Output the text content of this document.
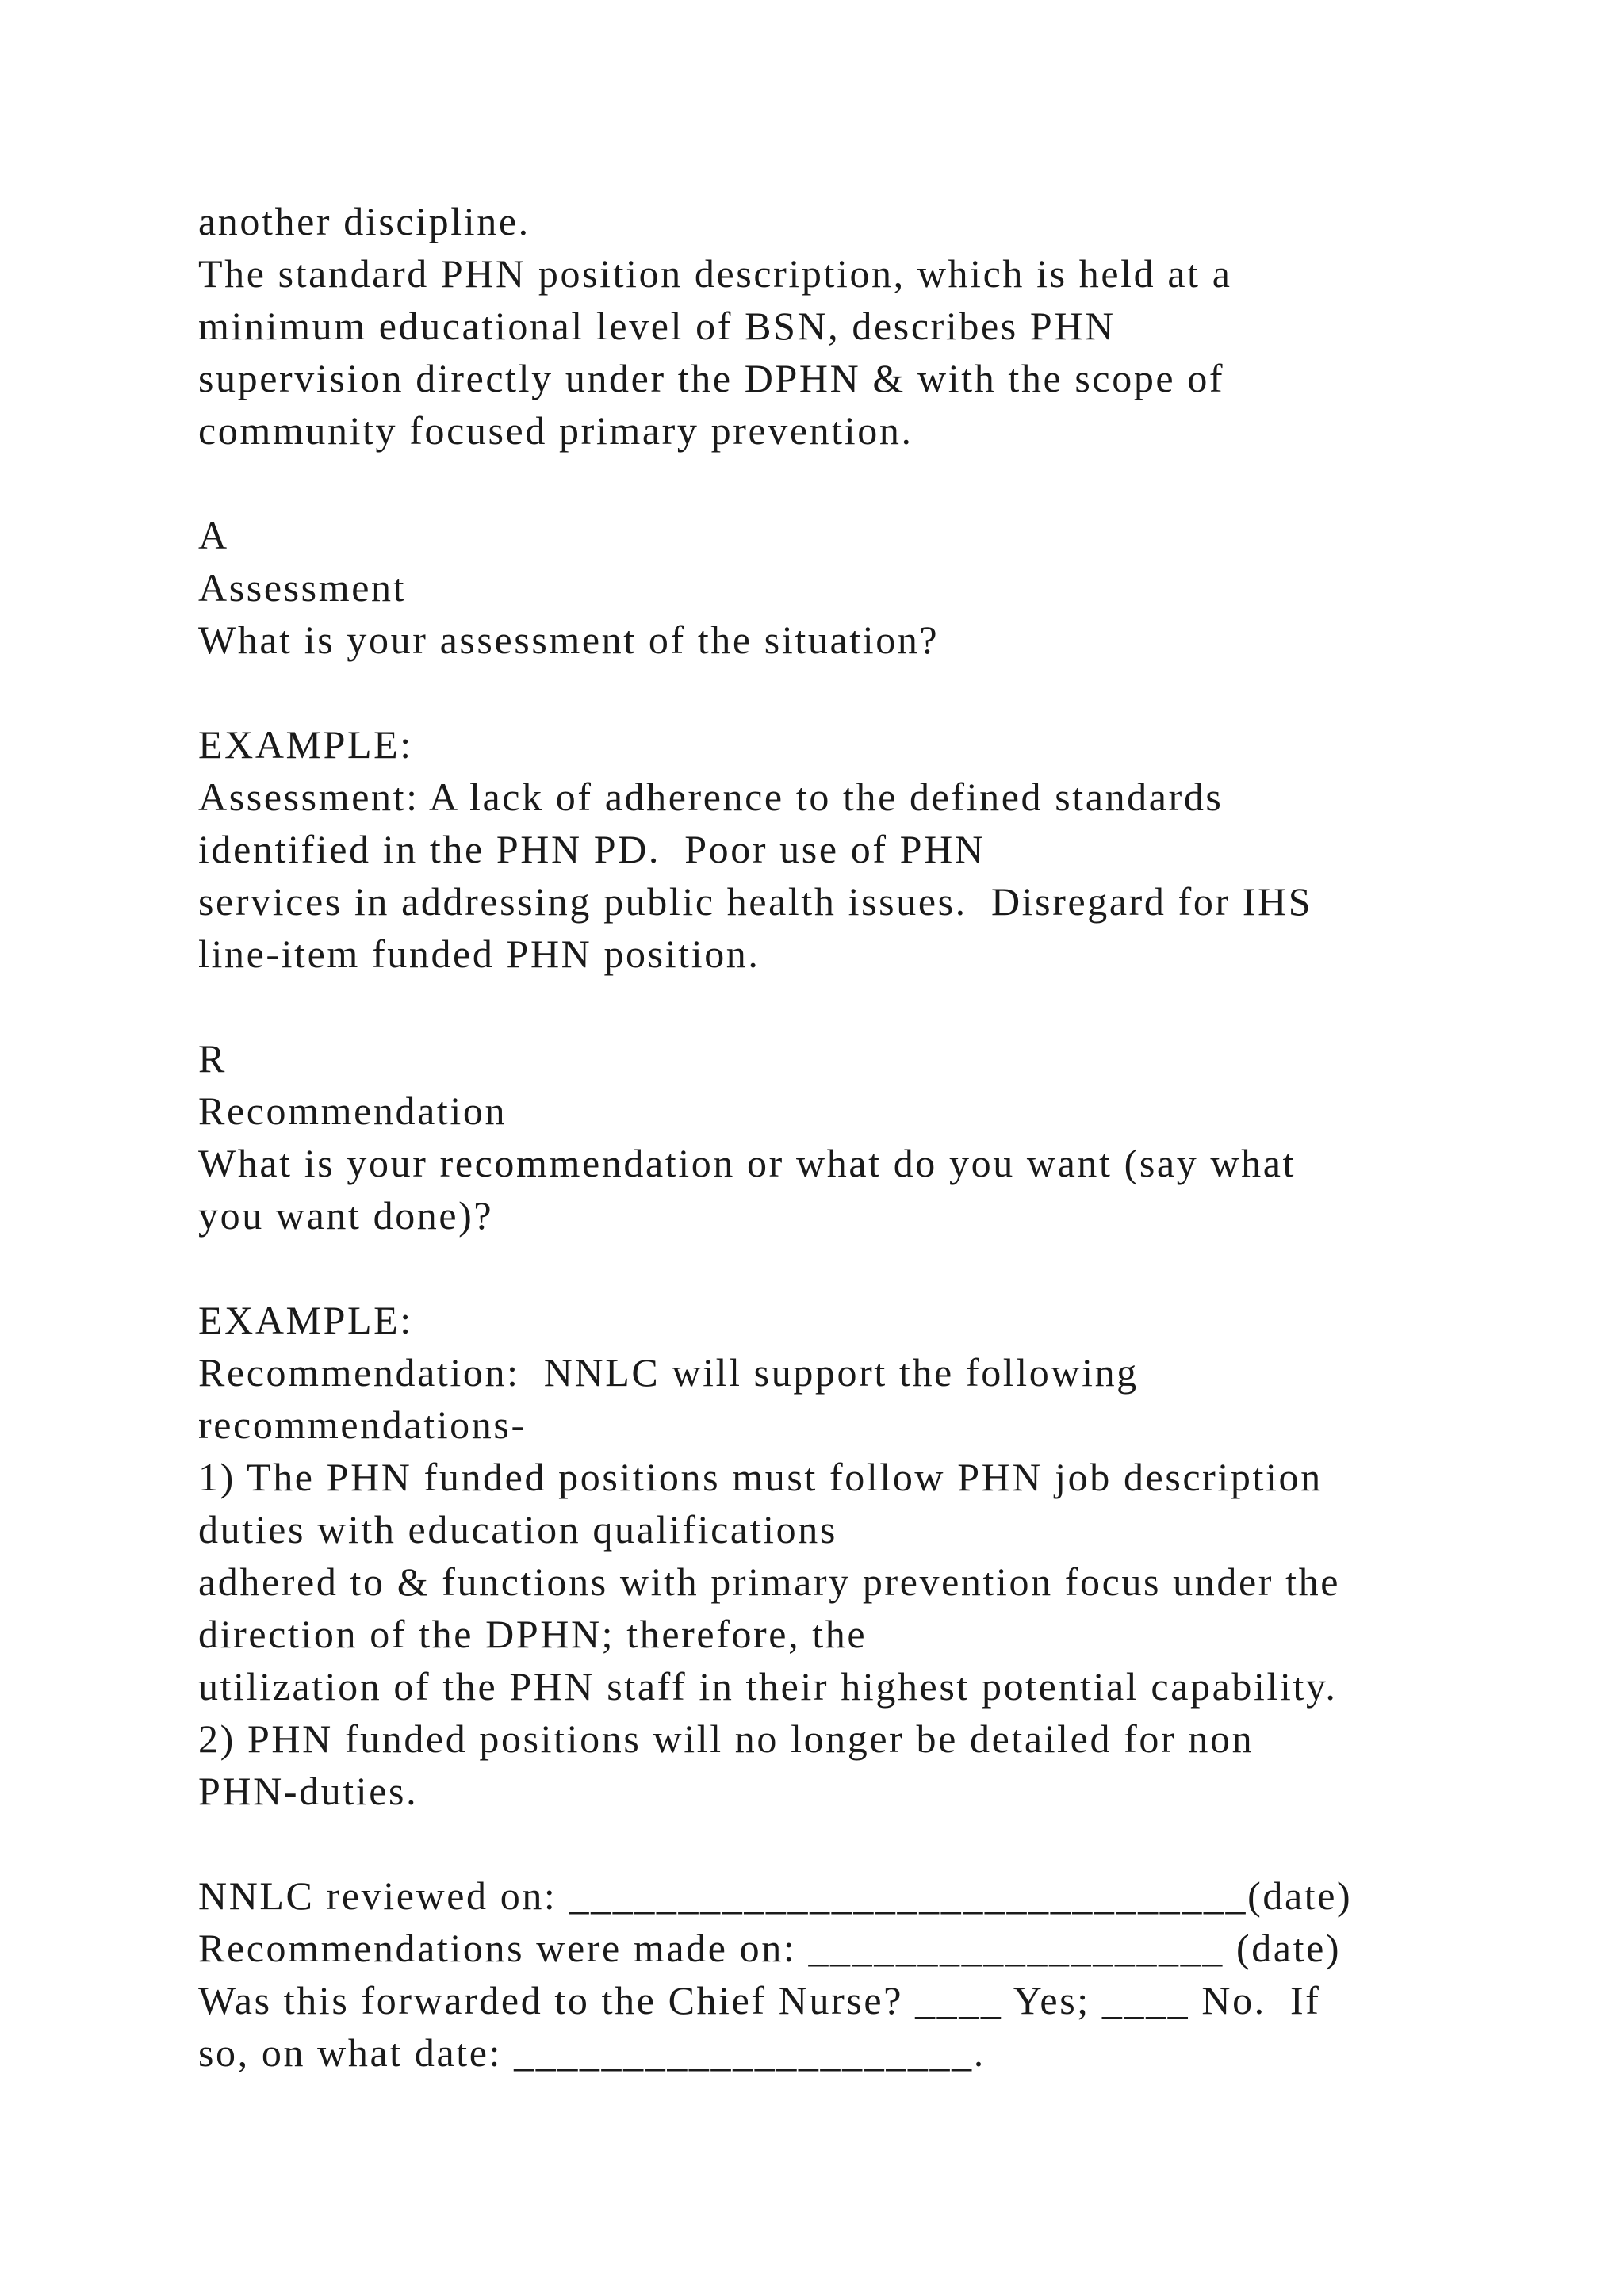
another discipline.
The standard PHN position description, which is held at a
minimum educational level of BSN, describes PHN
supervision directly under the DPHN & with the scope of
community focused primary prevention.
A
Assessment
What is your assessment of the situation?
EXAMPLE:
Assessment: A lack of adherence to the defined standards
identified in the PHN PD.  Poor use of PHN
services in addressing public health issues.  Disregard for IHS
line-item funded PHN position.
R
Recommendation
What is your recommendation or what do you want (say what
you want done)?
EXAMPLE:
Recommendation:  NNLC will support the following
recommendations-
1) The PHN funded positions must follow PHN job description
duties with education qualifications
adhered to & functions with primary prevention focus under the
direction of the DPHN; therefore, the
utilization of the PHN staff in their highest potential capability.
2) PHN funded positions will no longer be detailed for non
PHN-duties.
NNLC reviewed on: _______________________________(date)
Recommendations were made on: ___________________ (date)
Was this forwarded to the Chief Nurse? ____ Yes; ____ No.  If
so, on what date: _____________________.
